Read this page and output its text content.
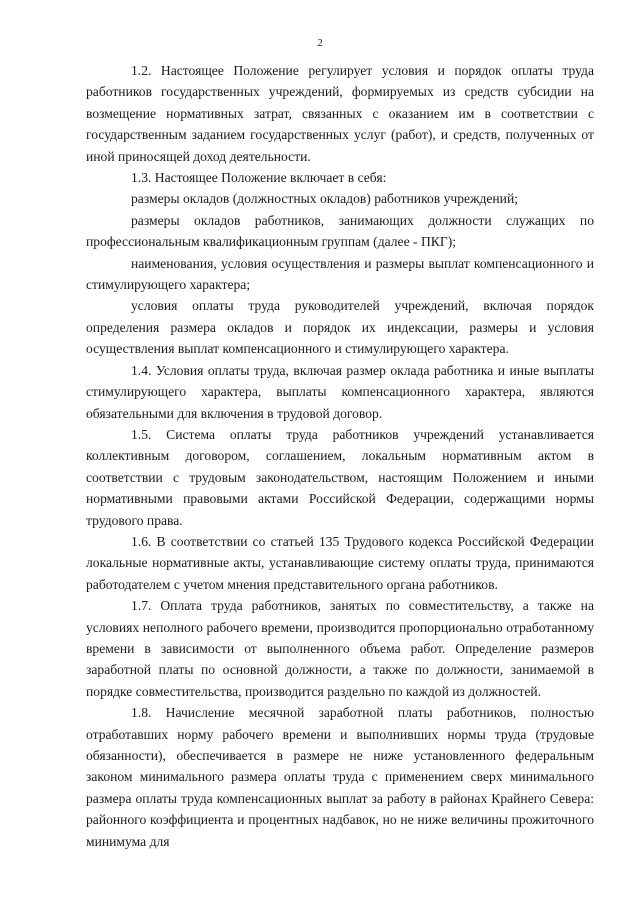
2

1.2. Настоящее Положение регулирует условия и порядок оплаты труда работников государственных учреждений, формируемых из средств субсидии на возмещение нормативных затрат, связанных с оказанием им в соответствии с государственным заданием государственных услуг (работ), и средств, полученных от иной приносящей доход деятельности.

1.3. Настоящее Положение включает в себя:

размеры окладов (должностных окладов) работников учреждений;

размеры окладов работников, занимающих должности служащих по профессиональным квалификационным группам (далее - ПКГ);

наименования, условия осуществления и размеры выплат компенсационного и стимулирующего характера;

условия оплаты труда руководителей учреждений, включая порядок определения размера окладов и порядок их индексации, размеры и условия осуществления выплат компенсационного и стимулирующего характера.

1.4. Условия оплаты труда, включая размер оклада работника и иные выплаты стимулирующего характера, выплаты компенсационного характера, являются обязательными для включения в трудовой договор.

1.5. Система оплаты труда работников учреждений устанавливается коллективным договором, соглашением, локальным нормативным актом в соответствии с трудовым законодательством, настоящим Положением и иными нормативными правовыми актами Российской Федерации, содержащими нормы трудового права.

1.6. В соответствии со статьей 135 Трудового кодекса Российской Федерации локальные нормативные акты, устанавливающие систему оплаты труда, принимаются работодателем с учетом мнения представительного органа работников.

1.7. Оплата труда работников, занятых по совместительству, а также на условиях неполного рабочего времени, производится пропорционально отработанному времени в зависимости от выполненного объема работ. Определение размеров заработной платы по основной должности, а также по должности, занимаемой в порядке совместительства, производится раздельно по каждой из должностей.

1.8. Начисление месячной заработной платы работников, полностью отработавших норму рабочего времени и выполнивших нормы труда (трудовые обязанности), обеспечивается в размере не ниже установленного федеральным законом минимального размера оплаты труда с применением сверх минимального размера оплаты труда компенсационных выплат за работу в районах Крайнего Севера: районного коэффициента и процентных надбавок, но не ниже величины прожиточного минимума для
